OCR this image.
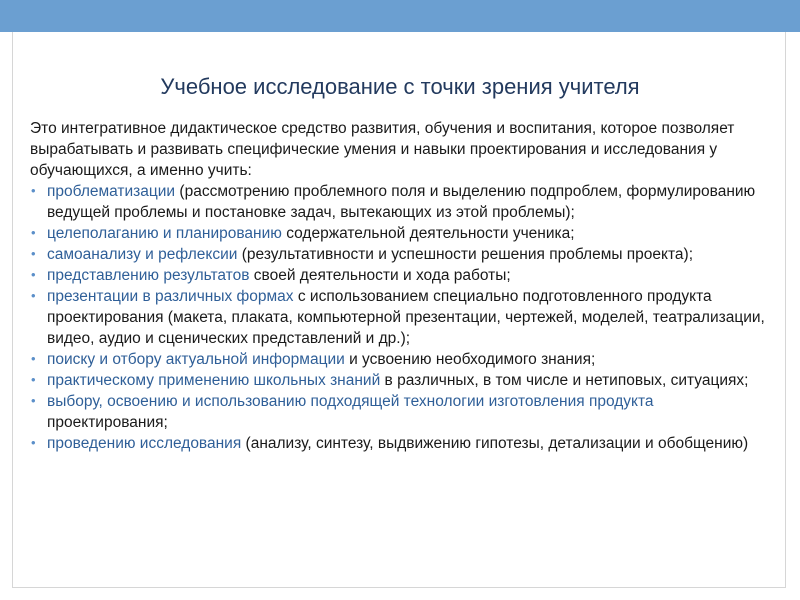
Учебное исследование с точки зрения учителя

Это интегративное дидактическое средство развития, обучения и воспитания, которое позволяет вырабатывать и развивать специфические умения и навыки проектирования и исследования у обучающихся, а именно учить:

• проблематизации (рассмотрению проблемного поля и выделению подпроблем, формулированию ведущей проблемы и постановке задач, вытекающих из этой проблемы);
• целеполаганию и планированию содержательной деятельности ученика;
• самоанализу и рефлексии (результативности и успешности решения проблемы проекта);
• представлению результатов своей деятельности и хода работы;
• презентации в различных формах с использованием специально подготовленного продукта проектирования (макета, плаката, компьютерной презентации, чертежей, моделей, театрализации, видео, аудио и сценических представлений и др.);
• поиску и отбору актуальной информации и усвоению необходимого знания;
• практическому применению школьных знаний в различных, в том числе и нетиповых, ситуациях;
• выбору, освоению и использованию подходящей технологии изготовления продукта проектирования;
• проведению исследования (анализу, синтезу, выдвижению гипотезы, детализации и обобщению)
